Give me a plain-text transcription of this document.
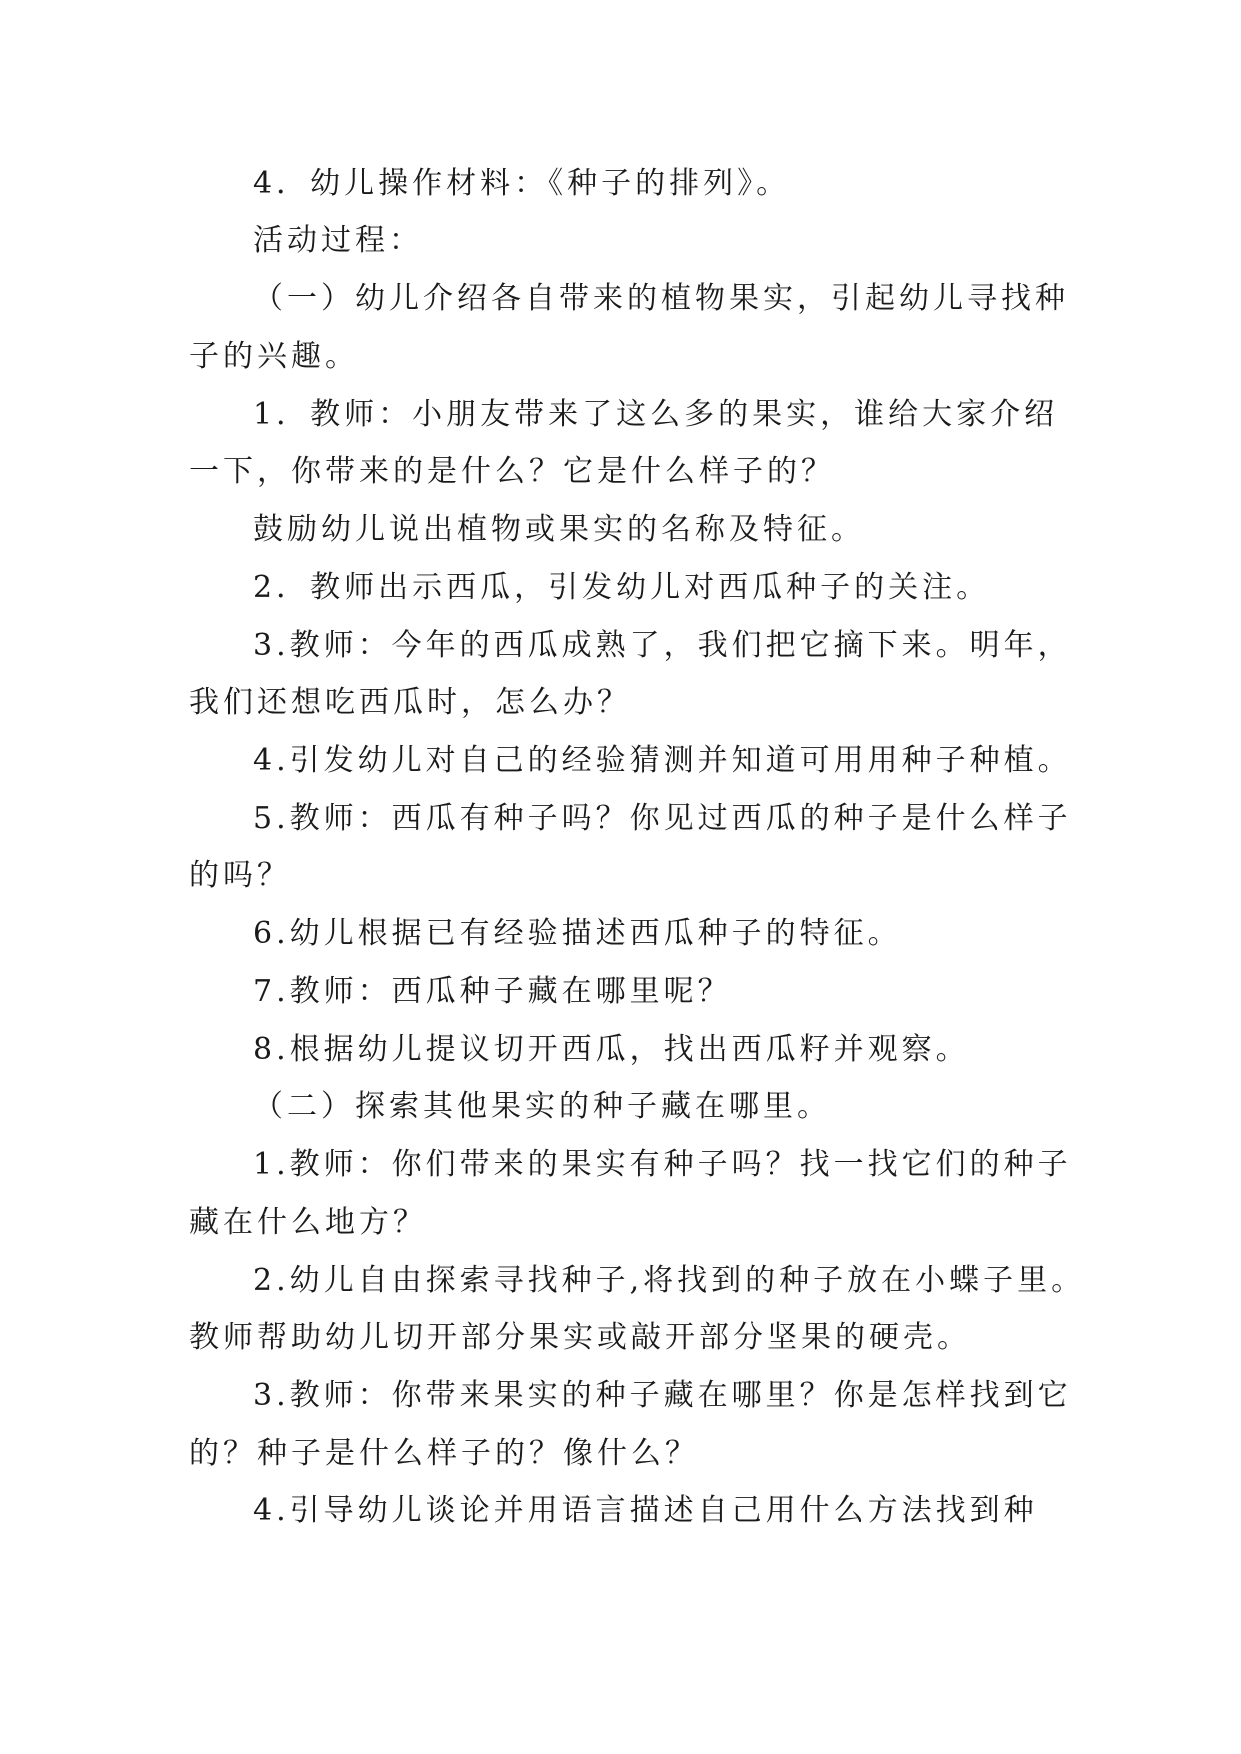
4．幼儿操作材料：《种子的排列》。
活动过程：
（一）幼儿介绍各自带来的植物果实，引起幼儿寻找种
子的兴趣。
1．教师：小朋友带来了这么多的果实，谁给大家介绍
一下，你带来的是什么？它是什么样子的？
鼓励幼儿说出植物或果实的名称及特征。
2．教师出示西瓜，引发幼儿对西瓜种子的关注。
3.教师：今年的西瓜成熟了，我们把它摘下来。明年，
我们还想吃西瓜时，怎么办？
4.引发幼儿对自己的经验猜测并知道可用用种子种植。
5.教师：西瓜有种子吗？你见过西瓜的种子是什么样子
的吗？
6.幼儿根据已有经验描述西瓜种子的特征。
7.教师：西瓜种子藏在哪里呢？
8.根据幼儿提议切开西瓜，找出西瓜籽并观察。
（二）探索其他果实的种子藏在哪里。
1.教师：你们带来的果实有种子吗？找一找它们的种子
藏在什么地方？
2.幼儿自由探索寻找种子,将找到的种子放在小蝶子里。
教师帮助幼儿切开部分果实或敲开部分坚果的硬壳。
3.教师：你带来果实的种子藏在哪里？你是怎样找到它
的？种子是什么样子的？像什么？
4.引导幼儿谈论并用语言描述自己用什么方法找到种
